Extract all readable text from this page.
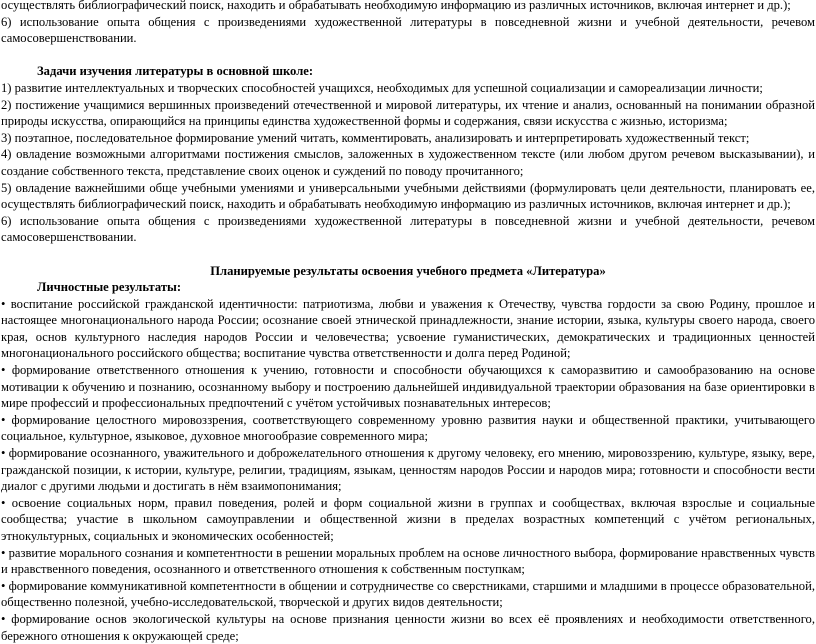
осуществлять библиографический поиск, находить и обрабатывать необходимую информацию из различных источников, включая интернет и др.);

6) использование опыта общения с произведениями художественной литературы в повседневной жизни и учебной деятельности, речевом самосовершенствовании.

Задачи изучения литературы в основной школе:

1) развитие интеллектуальных и творческих способностей учащихся, необходимых для успешной социализации и самореализации личности;

2) постижение учащимися вершинных произведений отечественной и мировой литературы, их чтение и анализ, основанный на понимании образной природы искусства, опирающийся на принципы единства художественной формы и содержания, связи искусства с жизнью, историзма;

3) поэтапное, последовательное формирование умений читать, комментировать, анализировать и интерпретировать художественный текст;

4) овладение возможными алгоритмами постижения смыслов, заложенных в художественном тексте (или любом другом речевом высказывании), и создание собственного текста, представление своих оценок и суждений по поводу прочитанного;

5) овладение важнейшими обще учебными умениями и универсальными учебными действиями (формулировать цели деятельности, планировать ее, осуществлять библиографический поиск, находить и обрабатывать необходимую информацию из различных источников, включая интернет и др.);

6) использование опыта общения с произведениями художественной литературы в повседневной жизни и учебной деятельности, речевом самосовершенствовании.

Планируемые результаты освоения учебного предмета «Литература»

Личностные результаты:

• воспитание российской гражданской идентичности: патриотизма, любви и уважения к Отечеству, чувства гордости за свою Родину, прошлое и настоящее многонационального народа России; осознание своей этнической принадлежности, знание истории, языка, культуры своего народа, своего края, основ культурного наследия народов России и человечества; усвоение гуманистических, демократических и традиционных ценностей многонационального российского общества; воспитание чувства ответственности и долга перед Родиной;

• формирование ответственного отношения к учению, готовности и способности обучающихся к саморазвитию и самообразованию на основе мотивации к обучению и познанию, осознанному выбору и построению дальнейшей индивидуальной траектории образования на базе ориентировки в мире профессий и профессиональных предпочтений с учётом устойчивых познавательных интересов;

• формирование целостного мировоззрения, соответствующего современному уровню развития науки и общественной практики, учитывающего социальное, культурное, языковое, духовное многообразие современного мира;

• формирование осознанного, уважительного и доброжелательного отношения к другому человеку, его мнению, мировоззрению, культуре, языку, вере, гражданской позиции, к истории, культуре, религии, традициям, языкам, ценностям народов России и народов мира; готовности и способности вести диалог с другими людьми и достигать в нём взаимопонимания;

• освоение социальных норм, правил поведения, ролей и форм социальной жизни в группах и сообществах, включая взрослые и социальные сообщества; участие в школьном самоуправлении и общественной жизни в пределах возрастных компетенций с учётом региональных, этнокультурных, социальных и экономических особенностей;

• развитие морального сознания и компетентности в решении моральных проблем на основе личностного выбора, формирование нравственных чувств и нравственного поведения, осознанного и ответственного отношения к собственным поступкам;

• формирование коммуникативной компетентности в общении и сотрудничестве со сверстниками, старшими и младшими в процессе образовательной, общественно полезной, учебно-исследовательской, творческой и других видов деятельности;

• формирование основ экологической культуры на основе признания ценности жизни во всех её проявлениях и необходимости ответственного, бережного отношения к окружающей среде;
